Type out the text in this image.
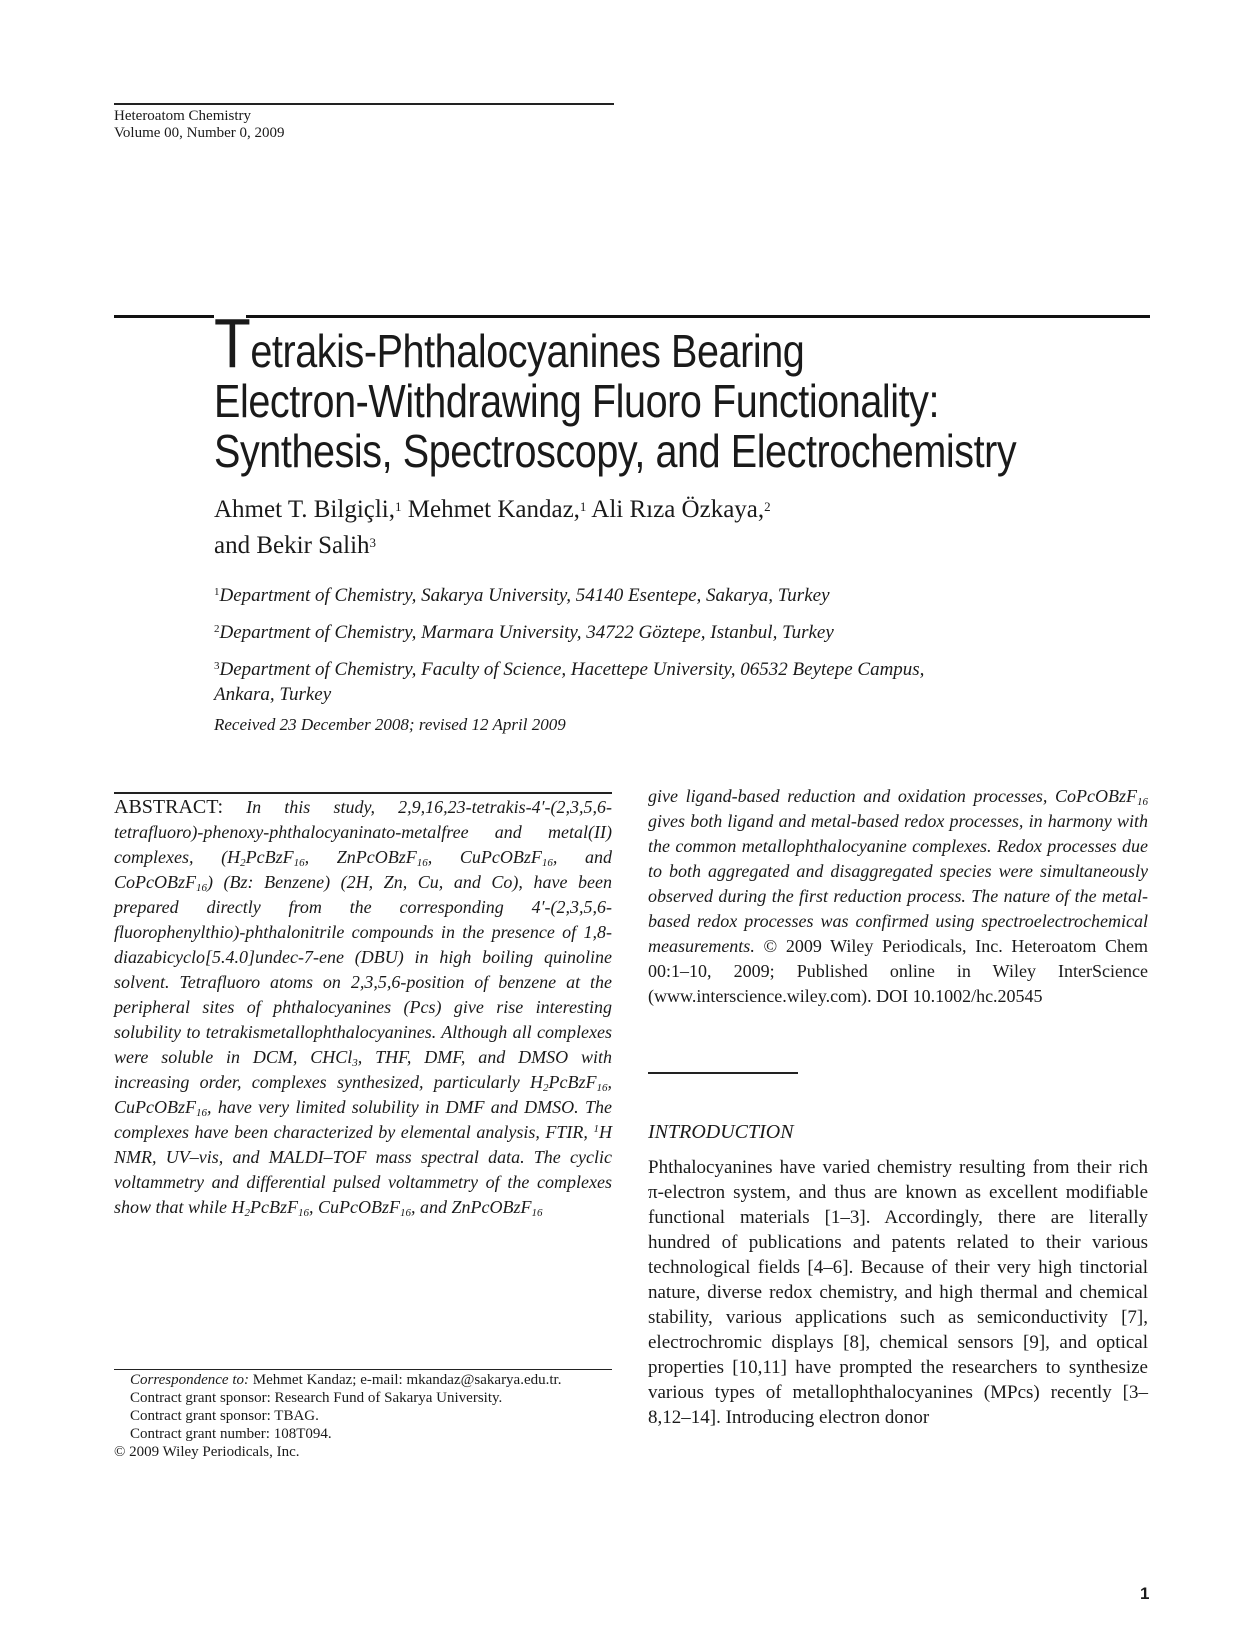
Heteroatom Chemistry
Volume 00, Number 0, 2009
Tetrakis-Phthalocyanines Bearing
Electron-Withdrawing Fluoro Functionality:
Synthesis, Spectroscopy, and Electrochemistry
Ahmet T. Bilgiçli,$^1$ Mehmet Kandaz,$^1$ Ali Rıza Özkaya,$^2$
and Bekir Salih$^3$
$^1$Department of Chemistry, Sakarya University, 54140 Esentepe, Sakarya, Turkey
$^2$Department of Chemistry, Marmara University, 34722 Göztepe, Istanbul, Turkey
$^3$Department of Chemistry, Faculty of Science, Hacettepe University, 06532 Beytepe Campus,
Ankara, Turkey
Received 23 December 2008; revised 12 April 2009
ABSTRACT: In this study, 2,9,16,23-tetrakis-4′-(2,3,5,6-tetrafluoro)-phenoxy-phthalocyaninato-metalfree and metal(II) complexes, ($H_2PcBzF_{16}$, ZnPcOBzF$_{16}$, CuPcOBzF$_{16}$, and CoPcOBzF$_{16}$) (Bz: Benzene) (2H, Zn, Cu, and Co), have been prepared directly from the corresponding 4′-(2,3,5,6-fluorophenylthio)-phthalonitrile compounds in the presence of 1,8-diazabicyclo[5.4.0]undec-7-ene (DBU) in high boiling quinoline solvent. Tetrafluoro atoms on 2,3,5,6-position of benzene at the peripheral sites of phthalocyanines (Pcs) give rise interesting solubility to tetrakismetallophthalocyanines. Although all complexes were soluble in DCM, CHCl$_3$, THF, DMF, and DMSO with increasing order, complexes synthesized, particularly $H_2PcBzF_{16}$, CuPcOBzF$_{16}$, have very limited solubility in DMF and DMSO. The complexes have been characterized by elemental analysis, FTIR, $^1$H NMR, UV–vis, and MALDI–TOF mass spectral data. The cyclic voltammetry and differential pulsed voltammetry of the complexes show that while $H_2PcBzF_{16}$, CuPcOBzF$_{16}$, and ZnPcOBzF$_{16}$
give ligand-based reduction and oxidation processes, CoPcOBzF$_{16}$ gives both ligand and metal-based redox processes, in harmony with the common metallophthalocyanine complexes. Redox processes due to both aggregated and disaggregated species were simultaneously observed during the first reduction process. The nature of the metal-based redox processes was confirmed using spectroelectrochemical measurements. © 2009 Wiley Periodicals, Inc. Heteroatom Chem 00:1–10, 2009; Published online in Wiley InterScience (www.interscience.wiley.com). DOI 10.1002/hc.20545
INTRODUCTION
Phthalocyanines have varied chemistry resulting from their rich π-electron system, and thus are known as excellent modifiable functional materials [1–3]. Accordingly, there are literally hundred of publications and patents related to their various technological fields [4–6]. Because of their very high tinctorial nature, diverse redox chemistry, and high thermal and chemical stability, various applications such as semiconductivity [7], electrochromic displays [8], chemical sensors [9], and optical properties [10,11] have prompted the researchers to synthesize various types of metallophthalocyanines (MPcs) recently [3–8,12–14]. Introducing electron donor
Correspondence to: Mehmet Kandaz; e-mail: mkandaz@sakarya.edu.tr.
Contract grant sponsor: Research Fund of Sakarya University.
Contract grant sponsor: TBAG.
Contract grant number: 108T094.
© 2009 Wiley Periodicals, Inc.
1
